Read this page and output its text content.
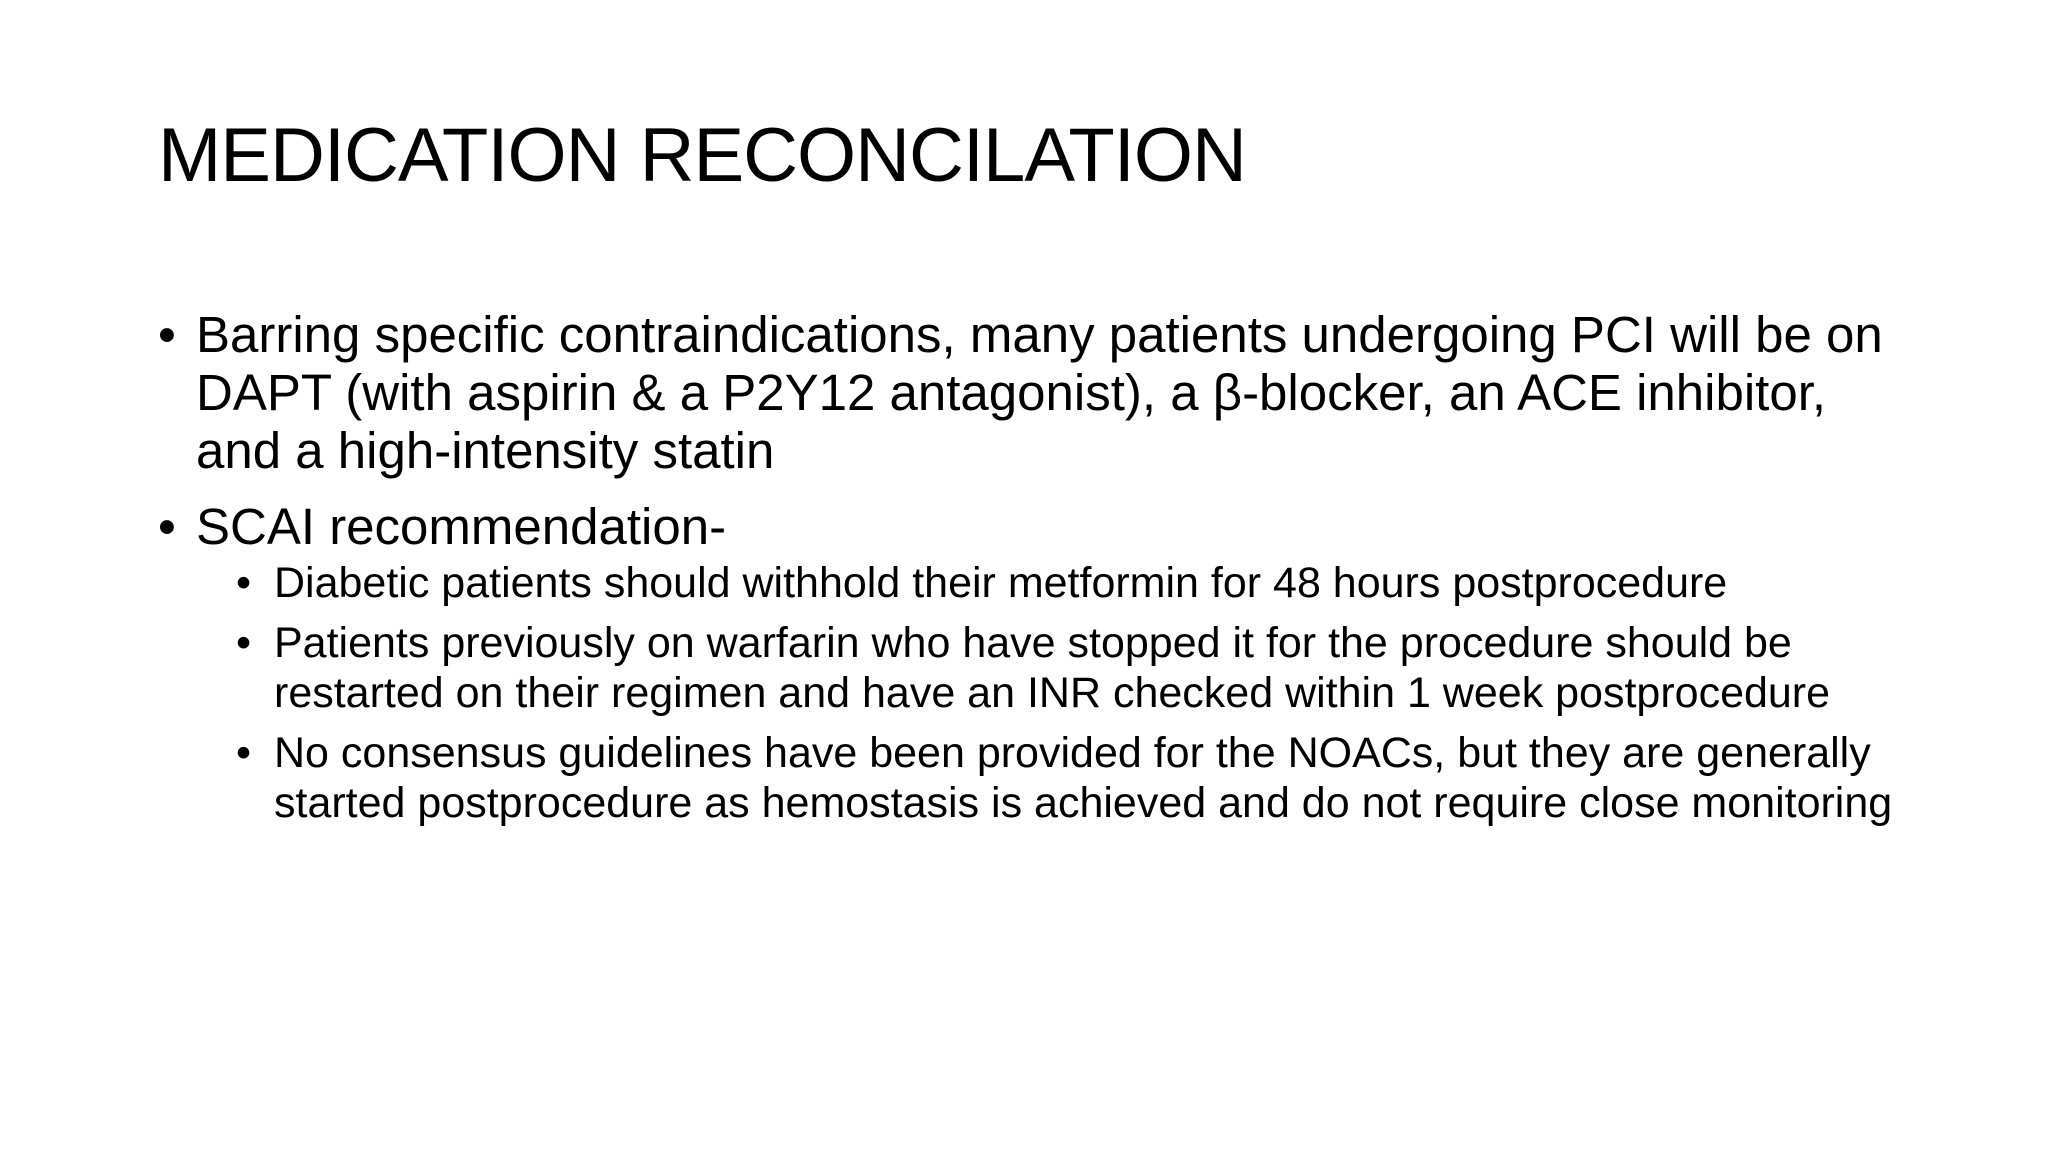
MEDICATION RECONCILATION
• Barring specific contraindications, many patients undergoing PCI will be on DAPT (with aspirin & a P2Y12 antagonist), a β-blocker, an ACE inhibitor, and a high-intensity statin
• SCAI recommendation-
• Diabetic patients should withhold their metformin for 48 hours postprocedure
• Patients previously on warfarin who have stopped it for the procedure should be restarted on their regimen and have an INR checked within 1 week postprocedure
• No consensus guidelines have been provided for the NOACs, but they are generally started postprocedure as hemostasis is achieved and do not require close monitoring
